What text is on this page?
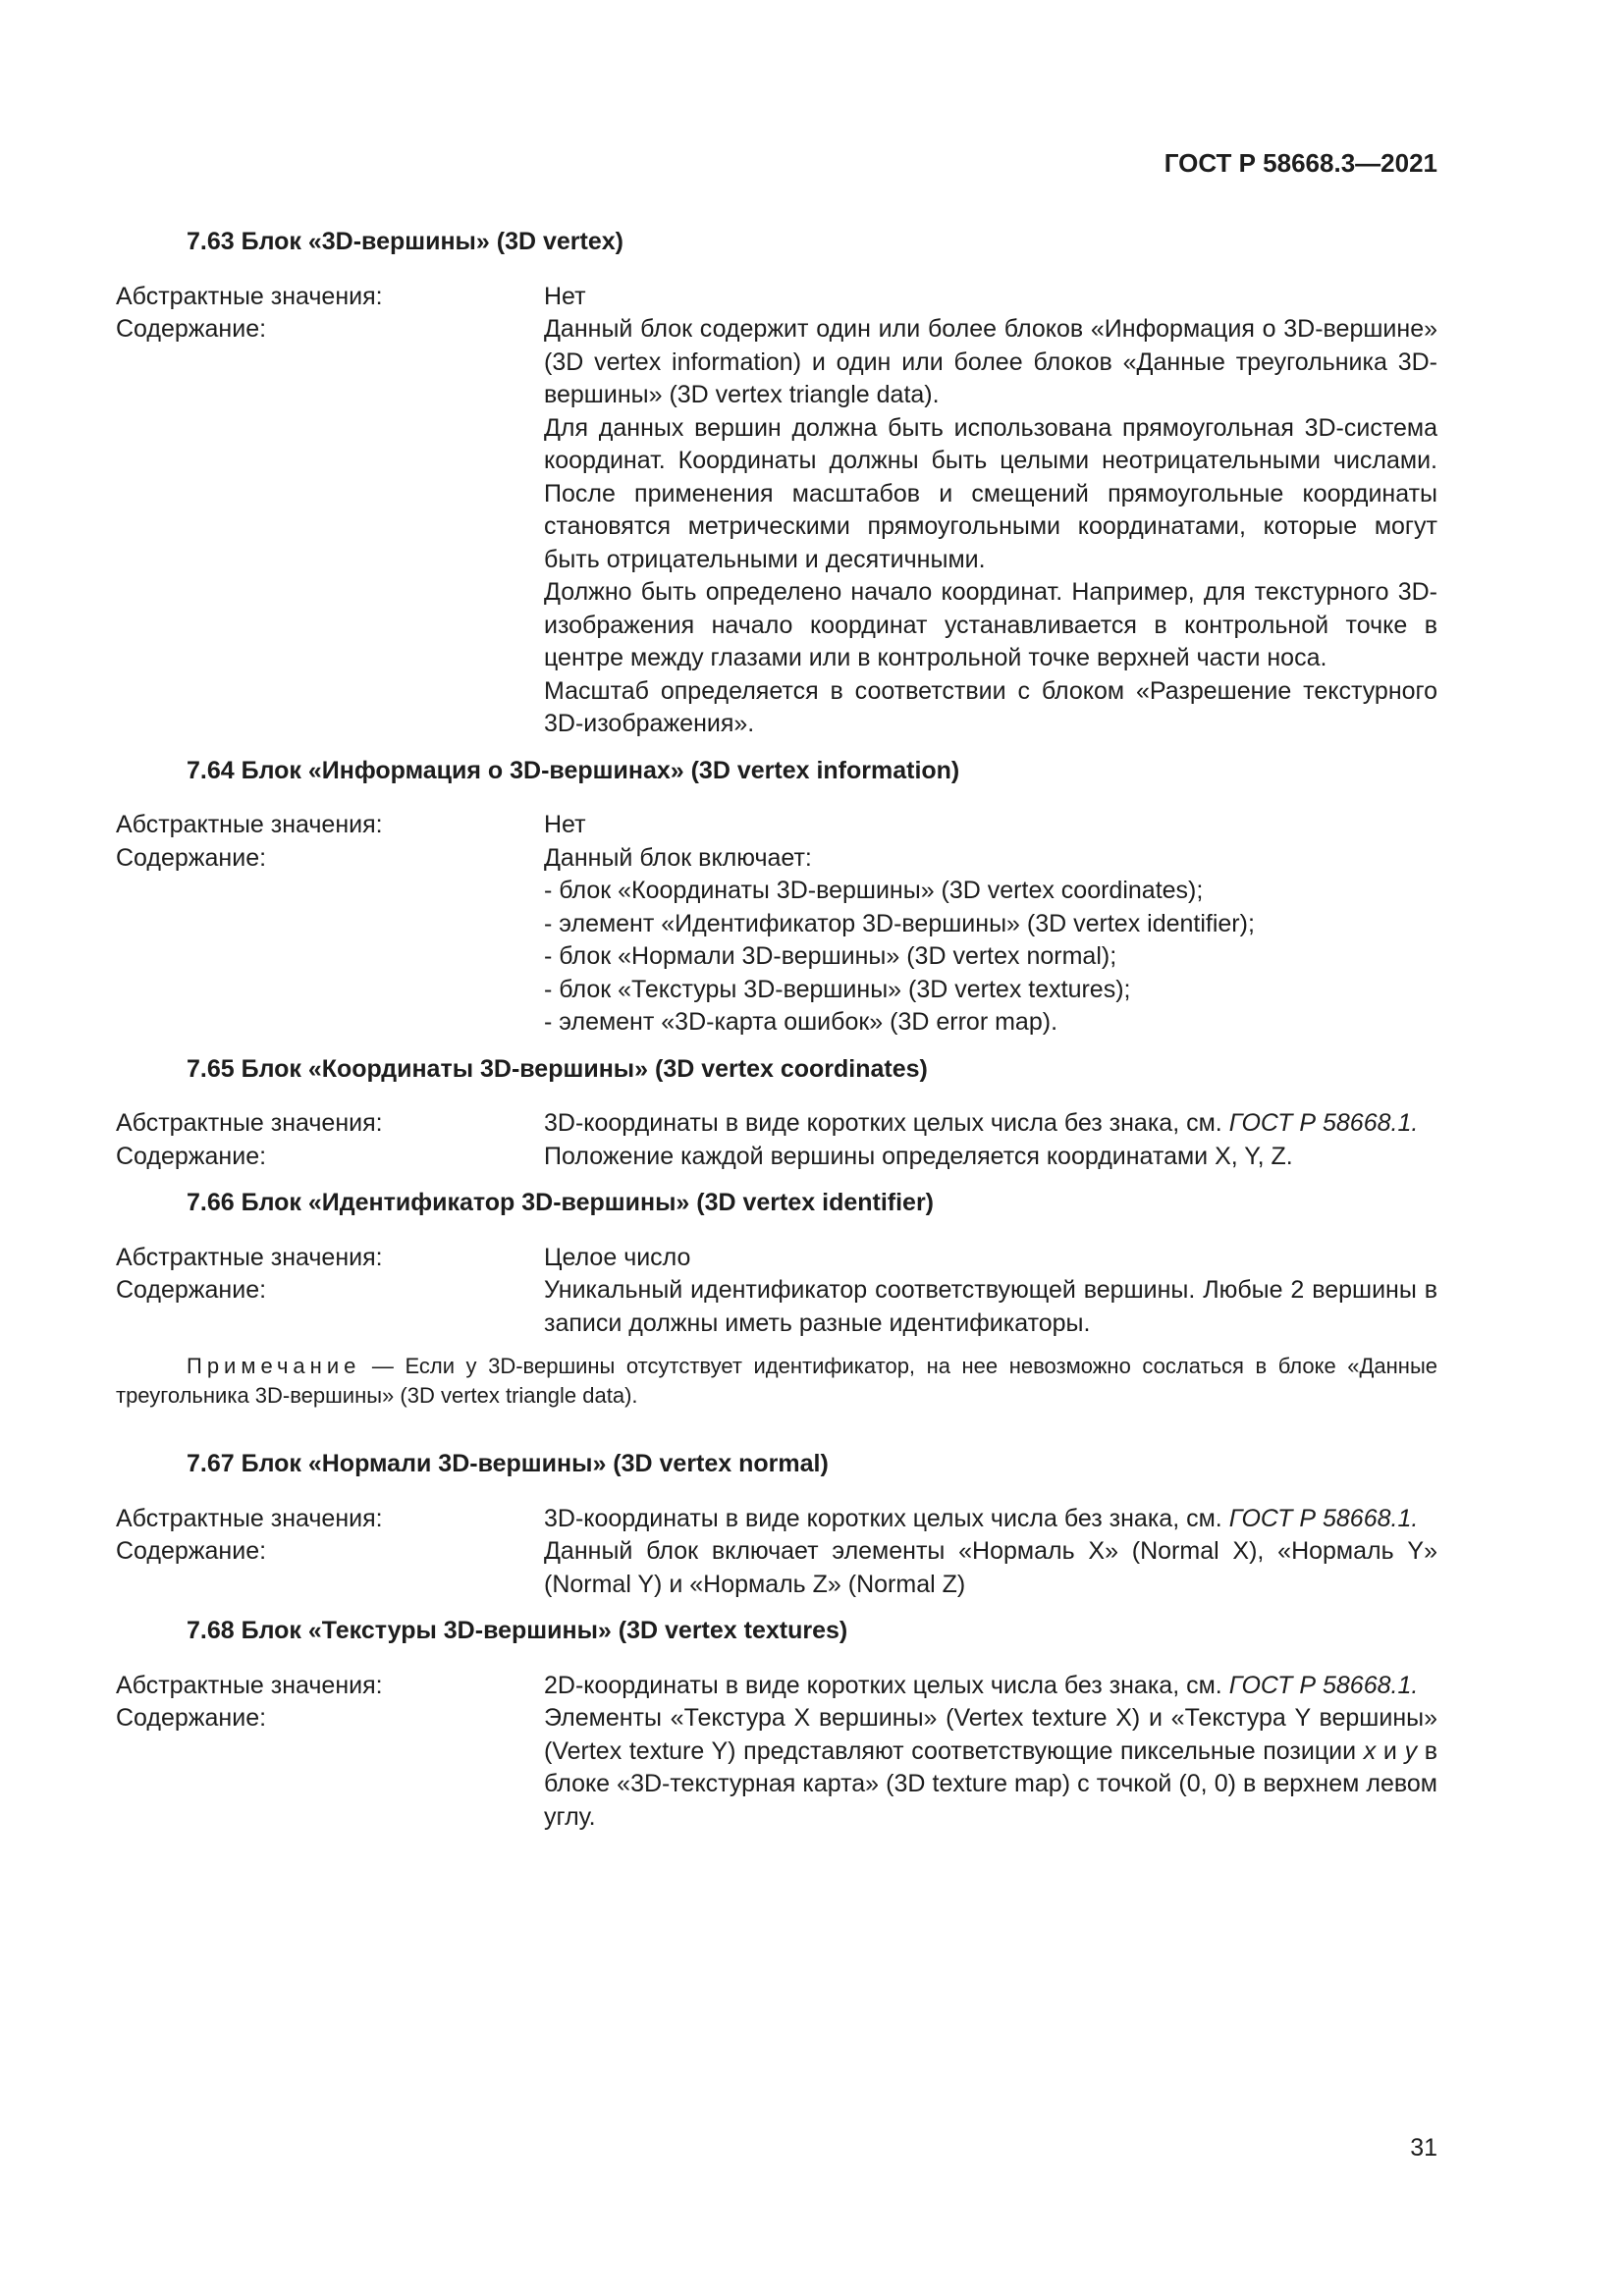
ГОСТ Р 58668.3—2021

7.63 Блок «3D-вершины» (3D vertex)

Абстрактные значения:	Нет
Содержание:	Данный блок содержит один или более блоков «Информация о 3D-вершине» (3D vertex information) и один или более блоков «Данные треугольника 3D-вершины» (3D vertex triangle data).

Для данных вершин должна быть использована прямоугольная 3D-система координат. Координаты должны быть целыми неотрицательными числами. После применения масштабов и смещений прямоугольные координаты становятся метрическими прямоугольными координатами, которые могут быть отрицательными и десятичными.

Должно быть определено начало координат. Например, для текстурного 3D-изображения начало координат устанавливается в контрольной точке в центре между глазами или в контрольной точке верхней части носа.

Масштаб определяется в соответствии с блоком «Разрешение текстурного 3D-изображения».

7.64 Блок «Информация о 3D-вершинах» (3D vertex information)

Абстрактные значения:	Нет
Содержание:	Данный блок включает:
- блок «Координаты 3D-вершины» (3D vertex coordinates);
- элемент «Идентификатор 3D-вершины» (3D vertex identifier);
- блок «Нормали 3D-вершины» (3D vertex normal);
- блок «Текстуры 3D-вершины» (3D vertex textures);
- элемент «3D-карта ошибок» (3D error map).

7.65 Блок «Координаты 3D-вершины» (3D vertex coordinates)

Абстрактные значения:	3D-координаты в виде коротких целых числа без знака, см. ГОСТ Р 58668.1.
Содержание:	Положение каждой вершины определяется координатами X, Y, Z.

7.66 Блок «Идентификатор 3D-вершины» (3D vertex identifier)

Абстрактные значения:	Целое число
Содержание:	Уникальный идентификатор соответствующей вершины. Любые 2 вершины в записи должны иметь разные идентификаторы.

Примечание — Если у 3D-вершины отсутствует идентификатор, на нее невозможно сослаться в блоке «Данные треугольника 3D-вершины» (3D vertex triangle data).

7.67 Блок «Нормали 3D-вершины» (3D vertex normal)

Абстрактные значения:	3D-координаты в виде коротких целых числа без знака, см. ГОСТ Р 58668.1.
Содержание:	Данный блок включает элементы «Нормаль X» (Normal X), «Нормаль Y» (Normal Y) и «Нормаль Z» (Normal Z)

7.68 Блок «Текстуры 3D-вершины» (3D vertex textures)

Абстрактные значения:	2D-координаты в виде коротких целых числа без знака, см. ГОСТ Р 58668.1.
Содержание:	Элементы «Текстура X вершины» (Vertex texture X) и «Текстура Y вершины» (Vertex texture Y) представляют соответствующие пиксельные позиции x и y в блоке «3D-текстурная карта» (3D texture map) с точкой (0, 0) в верхнем левом углу.
31
